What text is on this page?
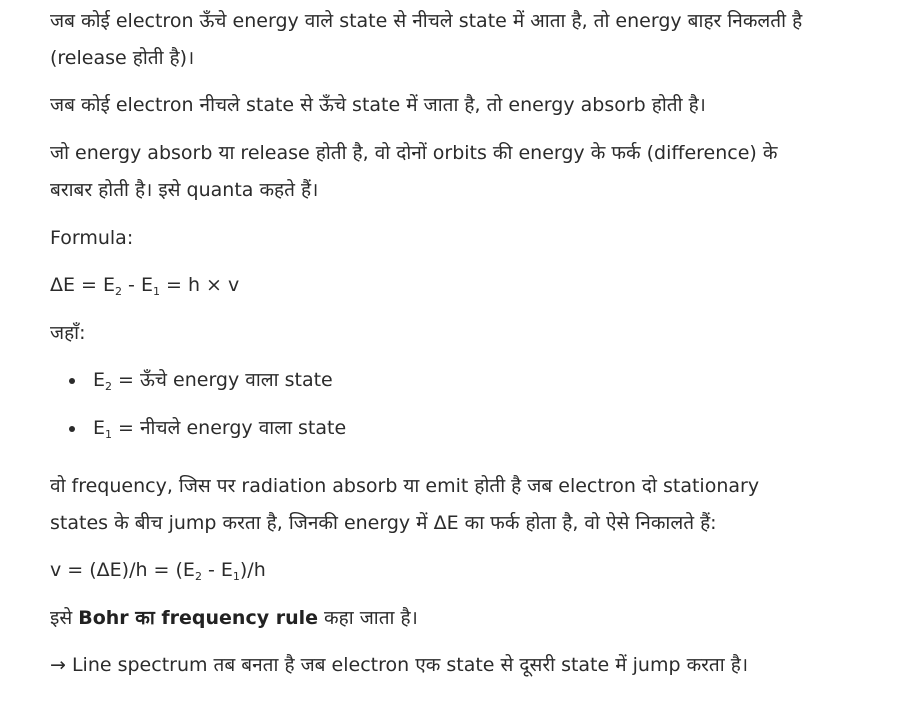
जब कोई electron ऊँचे energy वाले state से नीचले state में आता है, तो energy बाहर निकलती है (release होती है)।

जब कोई electron नीचले state से ऊँचे state में जाता है, तो energy absorb होती है।

जो energy absorb या release होती है, वो दोनों orbits की energy के फर्क (difference) के बराबर होती है। इसे quanta कहते हैं।

Formula:

$\Delta E = E_2 - E_1 = h \times v$

जहाँ:

$E_2$ = ऊँचे energy वाला state
$E_1$ = नीचले energy वाला state

वो frequency, जिस पर radiation absorb या emit होती है जब electron दो stationary states के बीच jump करता है, जिनकी energy में ΔE का फर्क होता है, वो ऐसे निकालते हैं:

$v = (\Delta E)/h = (E_2 - E_1)/h$

इसे Bohr का frequency rule कहा जाता है।

→ Line spectrum तब बनता है जब electron एक state से दूसरी state में jump करता है।
